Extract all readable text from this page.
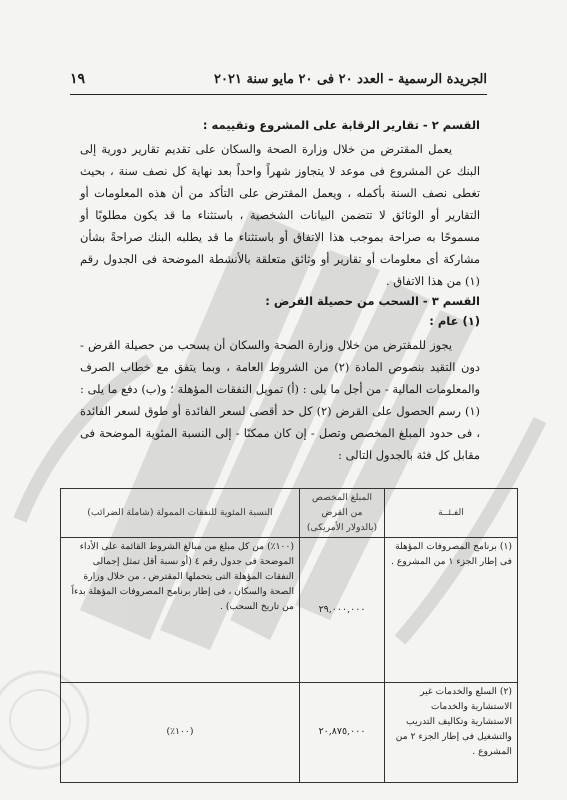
الجريدة الرسمية - العدد ٢٠ فى ٢٠ مايو سنة ٢٠٢١
١٩
القسم ٢ - تقارير الرقابة على المشروع وتقييمه :

يعمل المقترض من خلال وزارة الصحة والسكان على تقديم تقارير دورية إلى البنك عن المشروع فى موعد لا يتجاوز شهراً واحداً بعد نهاية كل نصف سنة ، بحيث تغطى نصف السنة بأكمله ، ويعمل المقترض على التأكد من أن هذه المعلومات أو التقارير أو الوثائق لا تتضمن البيانات الشخصية ، باستثناء ما قد يكون مطلوبًا أو مسموحًا به صراحة بموجب هذا الاتفاق أو باستثناء ما قد يطلبه البنك صراحةً بشأن مشاركة أى معلومات أو تقارير أو وثائق متعلقة بالأنشطة الموضحة فى الجدول رقم (١) من هذا الاتفاق .

القسم ٣ - السحب من حصيلة القرض :
(١) عام :

يجوز للمقترض من خلال وزارة الصحة والسكان أن يسحب من حصيلة القرض - دون التقيد بنصوص المادة (٢) من الشروط العامة ، وبما يتفق مع خطاب الصرف والمعلومات المالية - من أجل ما يلى : (أ) تمويل النفقات المؤهلة ؛ و(ب) دفع ما يلى : (١) رسم الحصول على القرض (٢) كل حد أقصى لسعر الفائدة أو طوق لسعر الفائدة ، فى حدود المبلغ المخصص وتصل - إن كان ممكنًا - إلى النسبة المئوية الموضحة فى مقابل كل فئة بالجدول التالى :

الفـئــة	المبلغ المخصص من القرض (بالدولار الأمريكى)	النسبة المئوية للنفقات الممولة (شاملة الضرائب)
(١) برنامج المصروفات المؤهلة فى إطار الجزء ١ من المشروع .	٢٩,٠٠٠,٠٠٠	(١٠٠٪) من كل مبلغ من مبالغ الشروط القائمة على الأداء الموضحة فى جدول رقم ٤ (أو نسبة أقل تمثل إجمالى النفقات المؤهلة التى يتحملها المقترض ، من خلال وزارة الصحة والسكان ، فى إطار برنامج المصروفات المؤهلة بدءاً من تاريخ السحب) .
(٢) السلع والخدمات غير الاستشارية والخدمات الاستشارية وتكاليف التدريب والتشغيل فى إطار الجزء ٢ من المشروع .	٢٠,٨٧٥,٠٠٠	(١٠٠٪)
